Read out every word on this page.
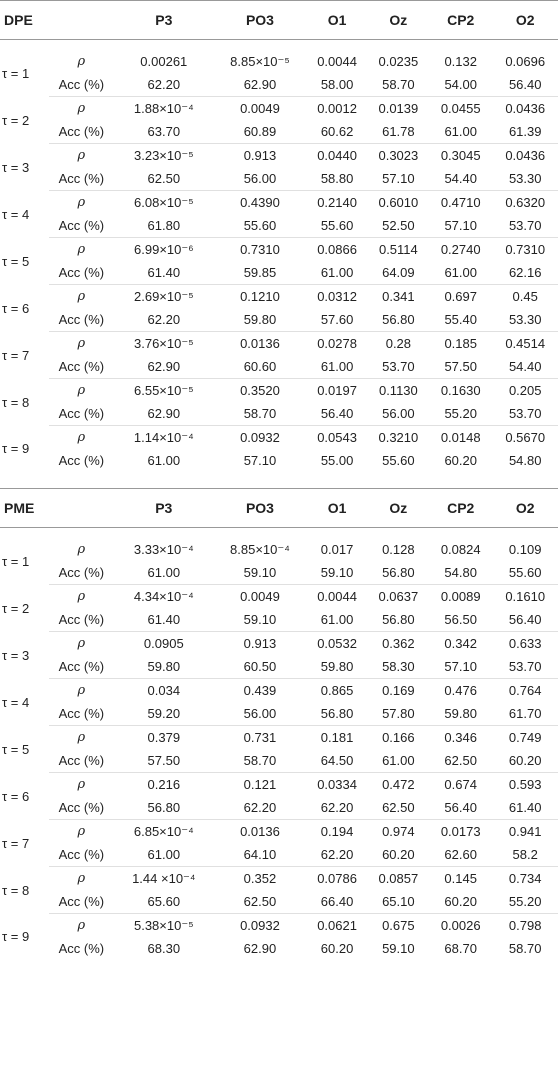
DPE		P3	PO3	O1	Oz	CP2	O2

τ = 1	ρ	0.00261	8.85×10⁻⁵	0.0044	0.0235	0.132	0.0696
	Acc (%)	62.20	62.90	58.00	58.70	54.00	56.40
τ = 2	ρ	1.88×10⁻⁴	0.0049	0.0012	0.0139	0.0455	0.0436
	Acc (%)	63.70	60.89	60.62	61.78	61.00	61.39
τ = 3	ρ	3.23×10⁻⁵	0.913	0.0440	0.3023	0.3045	0.0436
	Acc (%)	62.50	56.00	58.80	57.10	54.40	53.30
τ = 4	ρ	6.08×10⁻⁵	0.4390	0.2140	0.6010	0.4710	0.6320
	Acc (%)	61.80	55.60	55.60	52.50	57.10	53.70
τ = 5	ρ	6.99×10⁻⁶	0.7310	0.0866	0.5114	0.2740	0.7310
	Acc (%)	61.40	59.85	61.00	64.09	61.00	62.16
τ = 6	ρ	2.69×10⁻⁵	0.1210	0.0312	0.341	0.697	0.45
	Acc (%)	62.20	59.80	57.60	56.80	55.40	53.30
τ = 7	ρ	3.76×10⁻⁵	0.0136	0.0278	0.28	0.185	0.4514
	Acc (%)	62.90	60.60	61.00	53.70	57.50	54.40
τ = 8	ρ	6.55×10⁻⁵	0.3520	0.0197	0.1130	0.1630	0.205
	Acc (%)	62.90	58.70	56.40	56.00	55.20	53.70
τ = 9	ρ	1.14×10⁻⁴	0.0932	0.0543	0.3210	0.0148	0.5670
	Acc (%)	61.00	57.10	55.00	55.60	60.20	54.80
PME		P3	PO3	O1	Oz	CP2	O2

τ = 1	ρ	3.33×10⁻⁴	8.85×10⁻⁴	0.017	0.128	0.0824	0.109
	Acc (%)	61.00	59.10	59.10	56.80	54.80	55.60
τ = 2	ρ	4.34×10⁻⁴	0.0049	0.0044	0.0637	0.0089	0.1610
	Acc (%)	61.40	59.10	61.00	56.80	56.50	56.40
τ = 3	ρ	0.0905	0.913	0.0532	0.362	0.342	0.633
	Acc (%)	59.80	60.50	59.80	58.30	57.10	53.70
τ = 4	ρ	0.034	0.439	0.865	0.169	0.476	0.764
	Acc (%)	59.20	56.00	56.80	57.80	59.80	61.70
τ = 5	ρ	0.379	0.731	0.181	0.166	0.346	0.749
	Acc (%)	57.50	58.70	64.50	61.00	62.50	60.20
τ = 6	ρ	0.216	0.121	0.0334	0.472	0.674	0.593
	Acc (%)	56.80	62.20	62.20	62.50	56.40	61.40
τ = 7	ρ	6.85×10⁻⁴	0.0136	0.194	0.974	0.0173	0.941
	Acc (%)	61.00	64.10	62.20	60.20	62.60	58.2
τ = 8	ρ	1.44 ×10⁻⁴	0.352	0.0786	0.0857	0.145	0.734
	Acc (%)	65.60	62.50	66.40	65.10	60.20	55.20
τ = 9	ρ	5.38×10⁻⁵	0.0932	0.0621	0.675	0.0026	0.798
	Acc (%)	68.30	62.90	60.20	59.10	68.70	58.70
